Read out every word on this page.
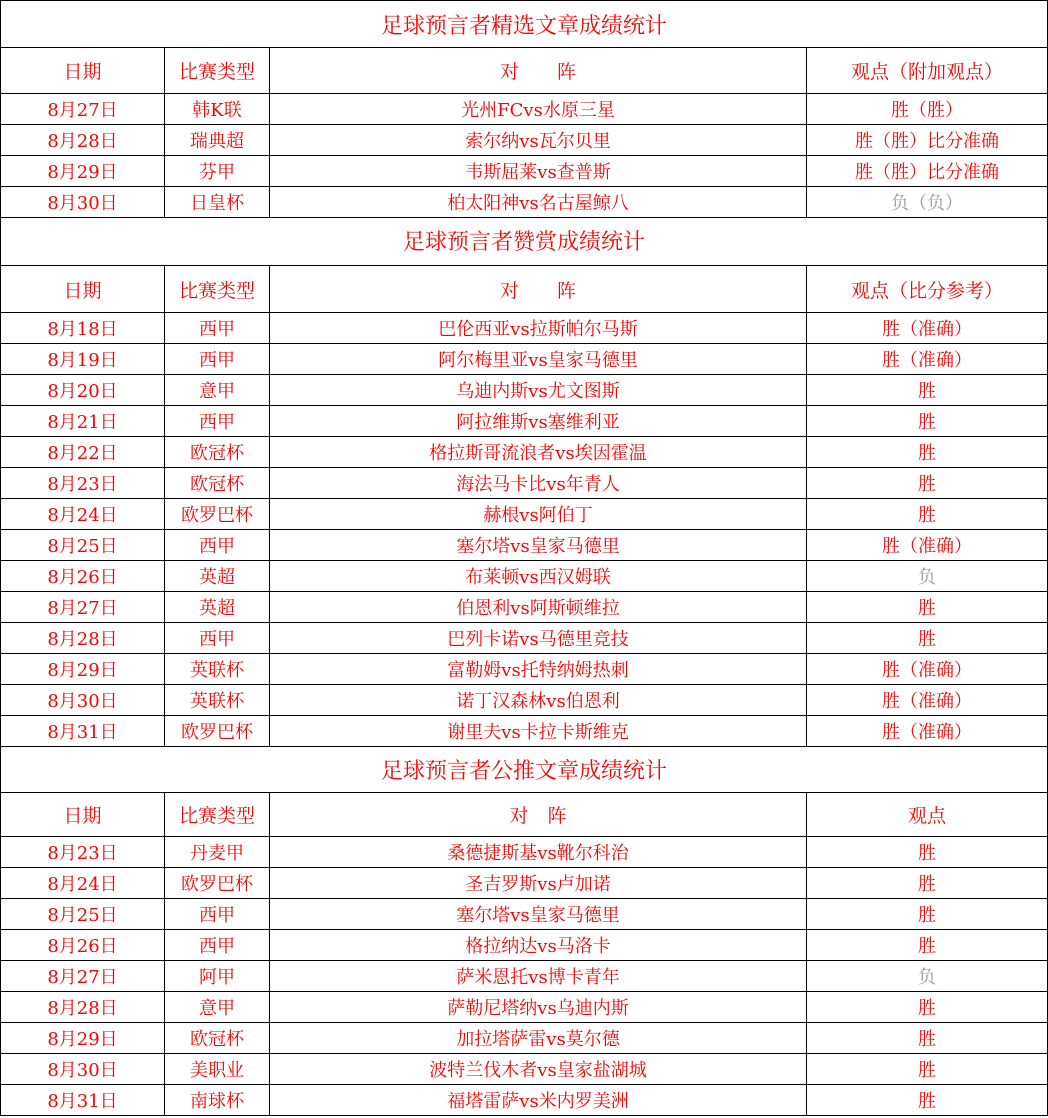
足球预言者精选文章成绩统计			
日期	比赛类型	对　　阵	观点（附加观点）
8月27日	韩K联	光州FCvs水原三星	胜（胜）
8月28日	瑞典超	索尔纳vs瓦尔贝里	胜（胜）比分准确
8月29日	芬甲	韦斯屈莱vs查普斯	胜（胜）比分准确
8月30日	日皇杯	柏太阳神vs名古屋鲸八	负（负）
足球预言者赞赏成绩统计			
日期	比赛类型	对　　阵	观点（比分参考）
8月18日	西甲	巴伦西亚vs拉斯帕尔马斯	胜（准确）
8月19日	西甲	阿尔梅里亚vs皇家马德里	胜（准确）
8月20日	意甲	乌迪内斯vs尤文图斯	胜
8月21日	西甲	阿拉维斯vs塞维利亚	胜
8月22日	欧冠杯	格拉斯哥流浪者vs埃因霍温	胜
8月23日	欧冠杯	海法马卡比vs年青人	胜
8月24日	欧罗巴杯	赫根vs阿伯丁	胜
8月25日	西甲	塞尔塔vs皇家马德里	胜（准确）
8月26日	英超	布莱顿vs西汉姆联	负
8月27日	英超	伯恩利vs阿斯顿维拉	胜
8月28日	西甲	巴列卡诺vs马德里竞技	胜
8月29日	英联杯	富勒姆vs托特纳姆热刺	胜（准确）
8月30日	英联杯	诺丁汉森林vs伯恩利	胜（准确）
8月31日	欧罗巴杯	谢里夫vs卡拉卡斯维克	胜（准确）
足球预言者公推文章成绩统计			
日期	比赛类型	对　阵	观点
8月23日	丹麦甲	桑德捷斯基vs靴尔科治	胜
8月24日	欧罗巴杯	圣吉罗斯vs卢加诺	胜
8月25日	西甲	塞尔塔vs皇家马德里	胜
8月26日	西甲	格拉纳达vs马洛卡	胜
8月27日	阿甲	萨米恩托vs博卡青年	负
8月28日	意甲	萨勒尼塔纳vs乌迪内斯	胜
8月29日	欧冠杯	加拉塔萨雷vs莫尔德	胜
8月30日	美职业	波特兰伐木者vs皇家盐湖城	胜
8月31日	南球杯	福塔雷萨vs米内罗美洲	胜
